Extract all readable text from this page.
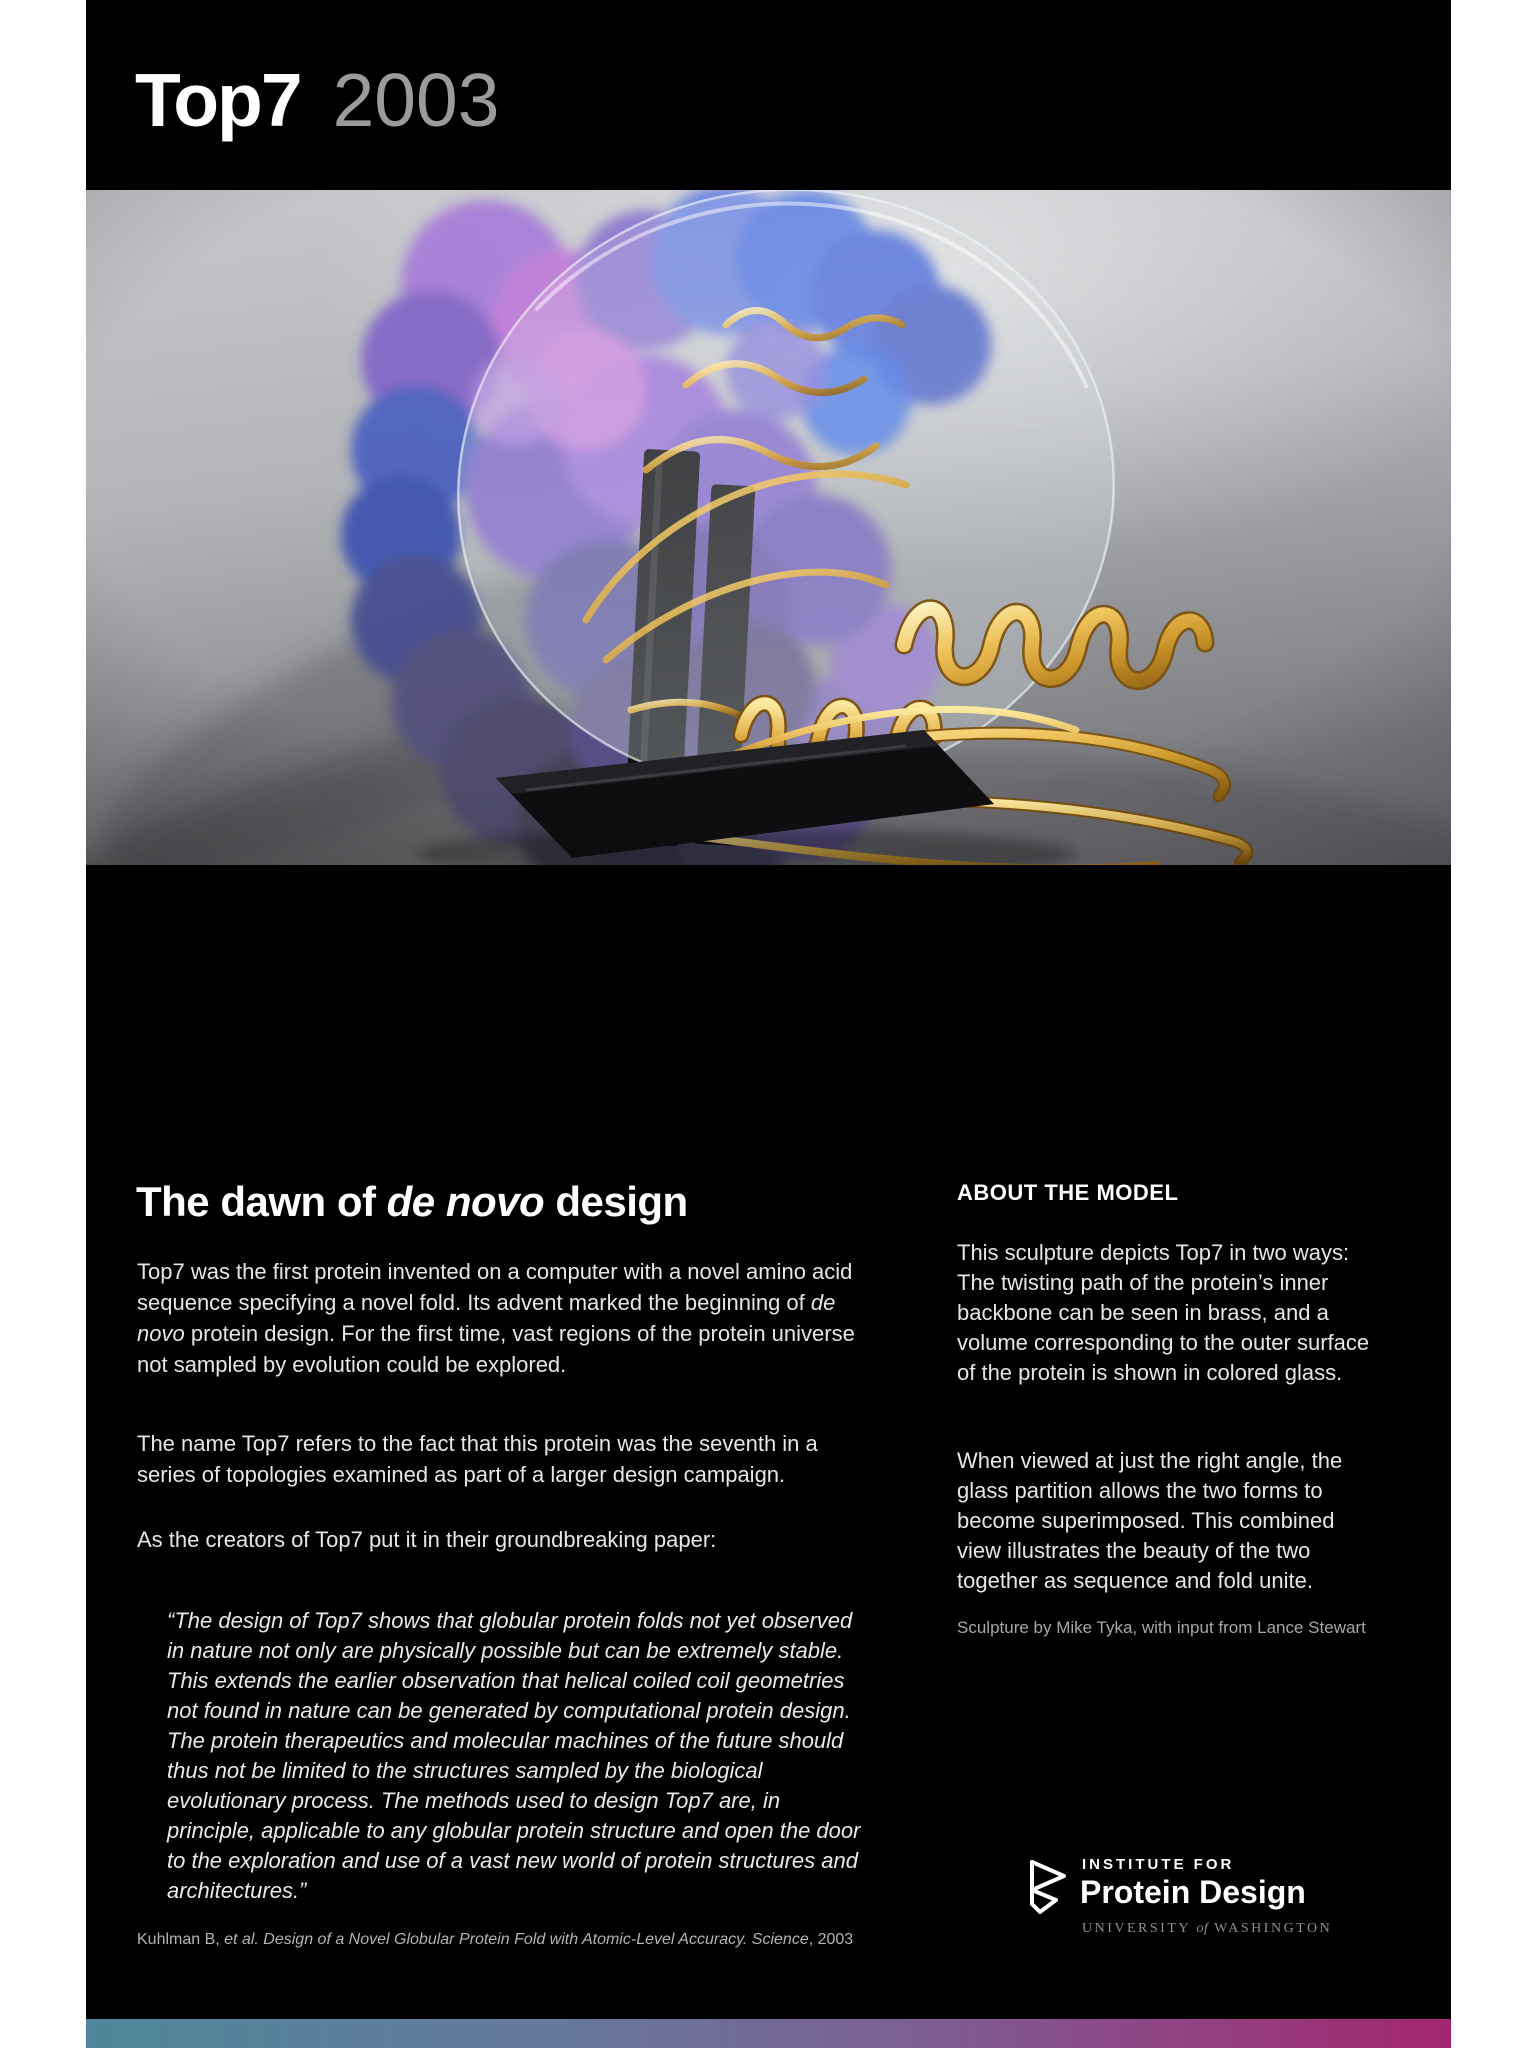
Top7 2003
The dawn of de novo design
Top7 was the first protein invented on a computer with a novel amino acid sequence specifying a novel fold. Its advent marked the beginning of de novo protein design. For the first time, vast regions of the protein universe not sampled by evolution could be explored.
The name Top7 refers to the fact that this protein was the seventh in a series of topologies examined as part of a larger design campaign.
As the creators of Top7 put it in their groundbreaking paper:
“The design of Top7 shows that globular protein folds not yet observed in nature not only are physically possible but can be extremely stable. This extends the earlier observation that helical coiled coil geometries not found in nature can be generated by computational protein design. The protein therapeutics and molecular machines of the future should thus not be limited to the structures sampled by the biological evolutionary process. The methods used to design Top7 are, in principle, applicable to any globular protein structure and open the door to the exploration and use of a vast new world of protein structures and architectures.”
Kuhlman B, et al. Design of a Novel Globular Protein Fold with Atomic-Level Accuracy. Science, 2003
ABOUT THE MODEL
This sculpture depicts Top7 in two ways: The twisting path of the protein’s inner backbone can be seen in brass, and a volume corresponding to the outer surface of the protein is shown in colored glass.
When viewed at just the right angle, the glass partition allows the two forms to become superimposed. This combined view illustrates the beauty of the two together as sequence and fold unite.
Sculpture by Mike Tyka, with input from Lance Stewart
INSTITUTE FOR
Protein Design
UNIVERSITY of WASHINGTON
